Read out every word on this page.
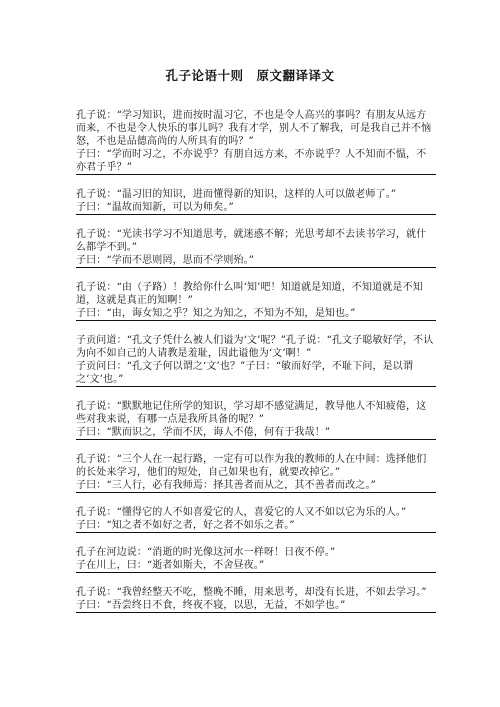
孔子论语十则　原文翻译译文

孔子说：“学习知识，进而按时温习它，不也是令人高兴的事吗？有朋友从远方而来，不也是令人快乐的事儿吗？我有才学，别人不了解我，可是我自己并不恼怒，不也是品德高尚的人所具有的吗？”

子曰：“学而时习之，不亦说乎？有朋自远方来，不亦说乎？人不知而不愠，不亦君子乎？”

孔子说：“温习旧的知识，进而懂得新的知识，这样的人可以做老师了。”

子曰：“温故而知新，可以为师矣。”

孔子说：“光读书学习不知道思考，就迷惑不解；光思考却不去读书学习，就什么都学不到。”

子曰：“学而不思则罔，思而不学则殆。”

孔子说：“由（子路）！教给你什么叫‘知’吧！知道就是知道，不知道就是不知道，这就是真正的知啊！”

子曰：“由，诲女知之乎？知之为知之，不知为不知，是知也。”

子贡问道：“孔文子凭什么被人们谥为‘文’呢？”孔子说：“孔文子聪敏好学，不认为向不如自己的人请教是羞耻，因此谥他为‘文’啊！”

子贡问曰：“孔文子何以谓之‘文’也？”子曰：“敏而好学，不耻下问，是以谓之‘文’也。”

孔子说：“默默地记住所学的知识，学习却不感觉满足，教导他人不知疲倦，这些对我来说，有哪一点是我所具备的呢？”

子曰：“默而识之，学而不厌，诲人不倦，何有于我哉！”

孔子说：“三个人在一起行路，一定有可以作为我的教师的人在中间：选择他们的长处来学习，他们的短处，自己如果也有，就要改掉它。”

子曰：“三人行，必有我师焉：择其善者而从之，其不善者而改之。”

孔子说：“懂得它的人不如喜爱它的人，喜爱它的人又不如以它为乐的人。”

子曰：“知之者不如好之者，好之者不如乐之者。”

孔子在河边说：“消逝的时光像这河水一样呀！日夜不停。”

子在川上，曰：“逝者如斯夫，不舍昼夜。”

孔子说：“我曾经整天不吃，整晚不睡，用来思考，却没有长进，不如去学习。”

子曰：“吾尝终日不食，终夜不寝，以思，无益，不如学也。”
